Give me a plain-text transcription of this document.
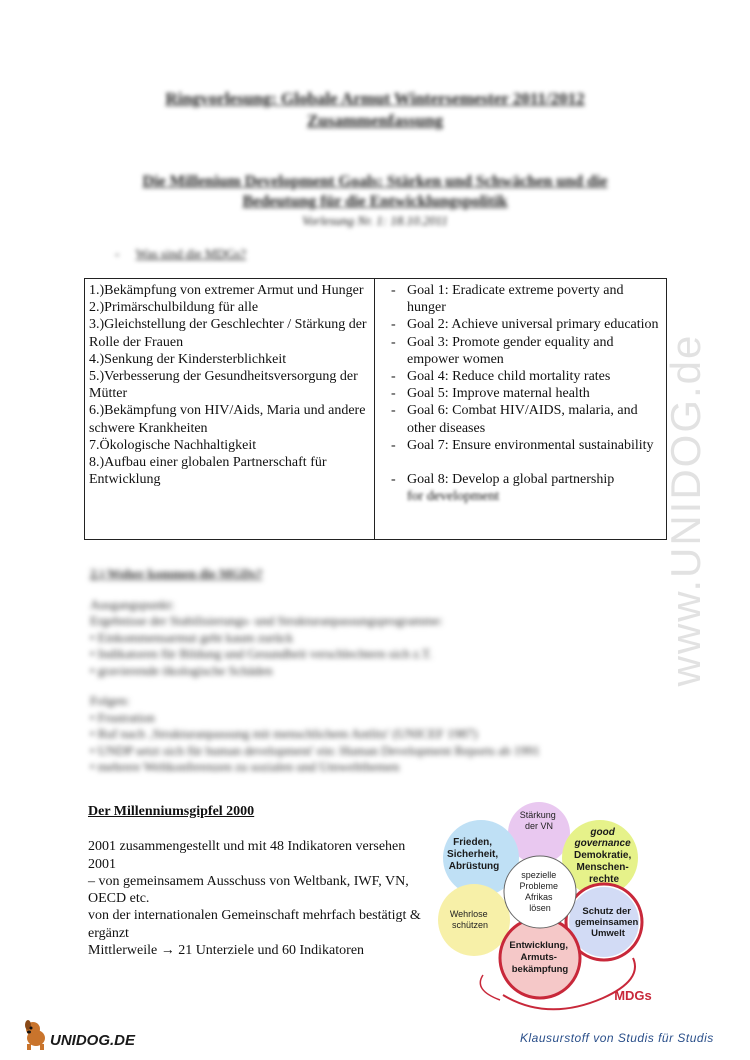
Ringvorlesung: Globale Armut Wintersemester 2011/2012
Zusammenfassung
Die Millenium Development Goals: Stärken und Schwächen und die
Bedeutung für die Entwicklungspolitik
Vorlesung Nr. 1: 18.10.2011
-     Was sind die MDGs?
1.)Bekämpfung von extremer Armut und Hunger
2.)Primärschulbildung für alle
3.)Gleichstellung der Geschlechter / Stärkung der Rolle der Frauen
4.)Senkung der Kindersterblichkeit
5.)Verbesserung der Gesundheitsversorgung der Mütter
6.)Bekämpfung von HIV/Aids, Maria und andere schwere Krankheiten
7.Ökologische Nachhaltigkeit
8.)Aufbau einer globalen Partnerschaft für Entwicklung
- Goal 1: Eradicate extreme poverty and hunger
- Goal 2: Achieve universal primary education
- Goal 3: Promote gender equality and empower women
- Goal 4: Reduce child mortality rates
- Goal 5: Improve maternal health
- Goal 6: Combat HIV/AIDS, malaria, and other diseases
- Goal 7: Ensure environmental sustainability
- Goal 8: Develop a global partnership
for development
2.) Woher kommen die MGDs?

Ausgangspunkt:

Ergebnisse der Stabilisierungs- und Strukturanpassungsprogramme:

• Einkommensarmut geht kaum zurück

• Indikatoren für Bildung und Gesundheit verschlechtern sich z.T.

• gravierende ökologische Schäden

Folgen:

• Frustration

• Ruf nach ‚Strukturanpassung mit menschlichem Antlitz' (UNICEF 1987)

• UNDP setzt sich für human development' ein: Human Development Reports ab 1991

• mehrere Weltkonferenzen zu sozialen und Umweltthemen

Der Millenniumsgipfel 2000

2001 zusammengestellt und mit 48 Indikatoren versehen 2001

– von gemeinsamem Ausschuss von Weltbank, IWF, VN, OECD etc.

von der internationalen Gemeinschaft mehrfach bestätigt & ergänzt

Mittlerweile → 21 Unterziele und 60 Indikatoren

Stärkung der VN
Frieden, Sicherheit, Abrüstung
good governance Demokratie, Menschen- rechte
spezielle Probleme Afrikas lösen
Wehrlose schützen
Schutz der gemeinsamen Umwelt
Entwicklung, Armuts- bekämpfung
MDGs
www.UNIDOG.de
UNIDOG.DE	Klausurstoff von Studis für Studis
